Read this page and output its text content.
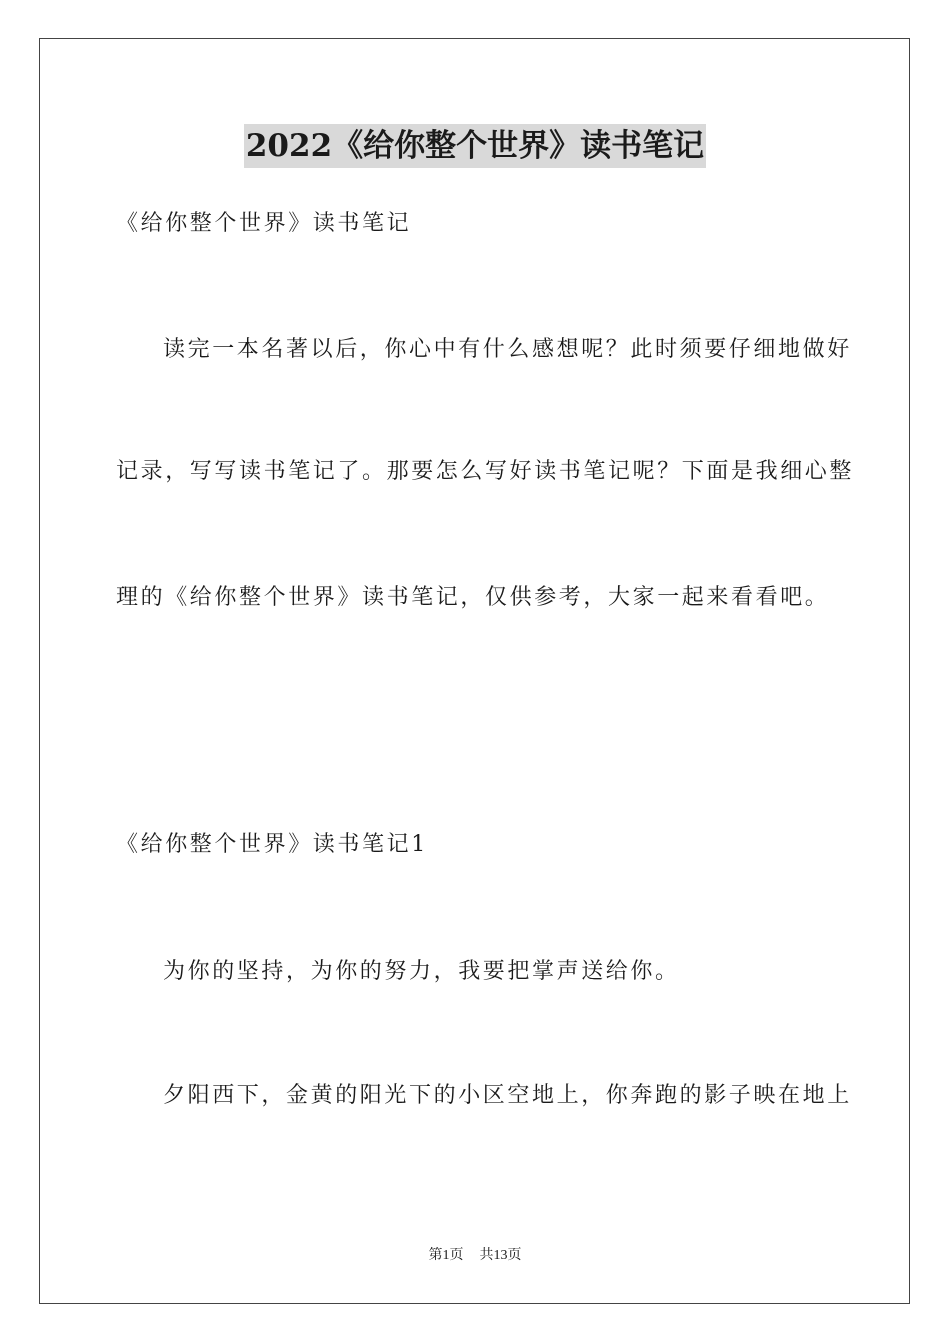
2022《给你整个世界》读书笔记
《给你整个世界》读书笔记
读完一本名著以后，你心中有什么感想呢？此时须要仔细地做好
记录，写写读书笔记了。那要怎么写好读书笔记呢？下面是我细心整
理的《给你整个世界》读书笔记，仅供参考，大家一起来看看吧。
《给你整个世界》读书笔记1
为你的坚持，为你的努力，我要把掌声送给你。
夕阳西下，金黄的阳光下的小区空地上，你奔跑的影子映在地上
第1页 共13页
